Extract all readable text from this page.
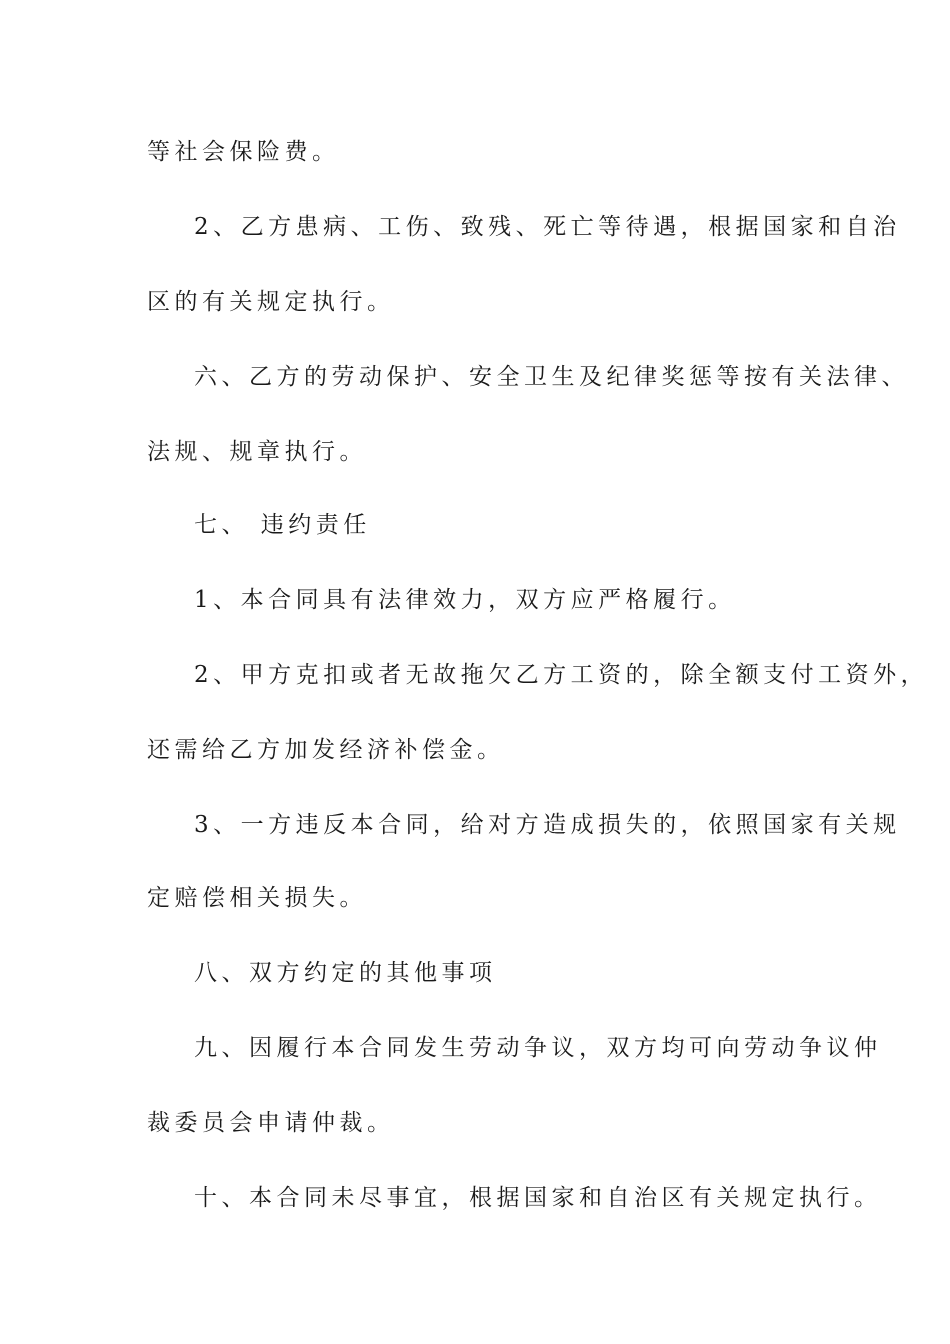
等社会保险费。

2、乙方患病、工伤、致残、死亡等待遇，根据国家和自治

区的有关规定执行。

六、乙方的劳动保护、安全卫生及纪律奖惩等按有关法律、

法规、规章执行。

七、 违约责任

1、本合同具有法律效力，双方应严格履行。

2、甲方克扣或者无故拖欠乙方工资的，除全额支付工资外，

还需给乙方加发经济补偿金。

3、一方违反本合同，给对方造成损失的，依照国家有关规

定赔偿相关损失。

八、双方约定的其他事项

九、因履行本合同发生劳动争议，双方均可向劳动争议仲

裁委员会申请仲裁。

十、本合同未尽事宜，根据国家和自治区有关规定执行。
